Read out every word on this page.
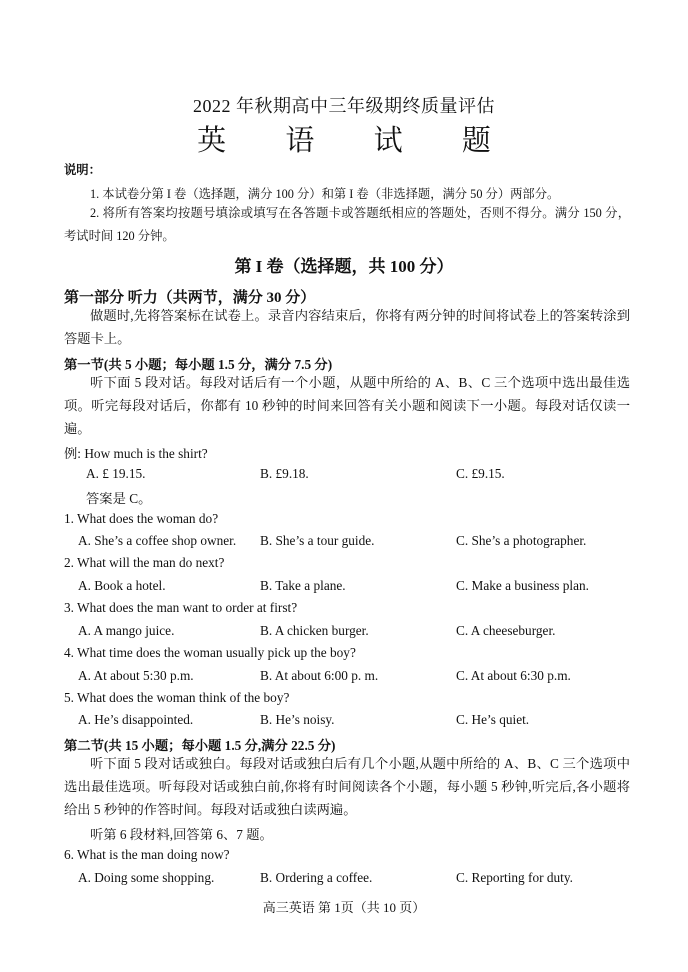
2022 年秋期高中三年级期终质量评估
英 语 试 题
说明：
1. 本试卷分第 I 卷（选择题，满分 100 分）和第 I 卷（非选择题，满分 50 分）两部分。
2. 将所有答案均按题号填涂或填写在各答题卡或答题纸相应的答题处，否则不得分。满分 150 分，考试时间 120 分钟。
第 I 卷（选择题，共 100 分）
第一部分 听力（共两节，满分 30 分）
做题时,先将答案标在试卷上。录音内容结束后，你将有两分钟的时间将试卷上的答案转涂到答题卡上。
第一节(共 5 小题；每小题 1.5 分，满分 7.5 分)
听下面 5 段对话。每段对话后有一个小题，从题中所给的 A、B、C 三个选项中选出最佳选项。听完每段对话后，你都有 10 秒钟的时间来回答有关小题和阅读下一小题。每段对话仅读一遍。
例: How much is the shirt?
A. £ 19.15.	B. £9.18.	C. £9.15.
答案是 C。
1. What does the woman do?
A. She’s a coffee shop owner. B. She’s a tour guide.	C. She’s a photographer.
2. What will the man do next?
A. Book a hotel.	B. Take a plane.	C. Make a business plan.
3. What does the man want to order at first?
A. A mango juice.	B. A chicken burger.	C. A cheeseburger.
4. What time does the woman usually pick up the boy?
A. At about 5:30 p.m.	B. At about 6:00 p. m.	C. At about 6:30 p.m.
5. What does the woman think of the boy?
A. He’s disappointed.	B. He’s noisy.	C. He’s quiet.
第二节(共 15 小题；每小题 1.5 分,满分 22.5 分)
听下面 5 段对话或独白。每段对话或独白后有几个小题,从题中所给的 A、B、C 三个选项中选出最佳选项。听每段对话或独白前,你将有时间阅读各个小题，每小题 5 秒钟,听完后,各小题将给出 5 秒钟的作答时间。每段对话或独白读两遍。
听第 6 段材料,回答第 6、7 题。
6. What is the man doing now?
A. Doing some shopping.	B. Ordering a coffee.	C. Reporting for duty.
高三英语 第 1页（共 10 页）
